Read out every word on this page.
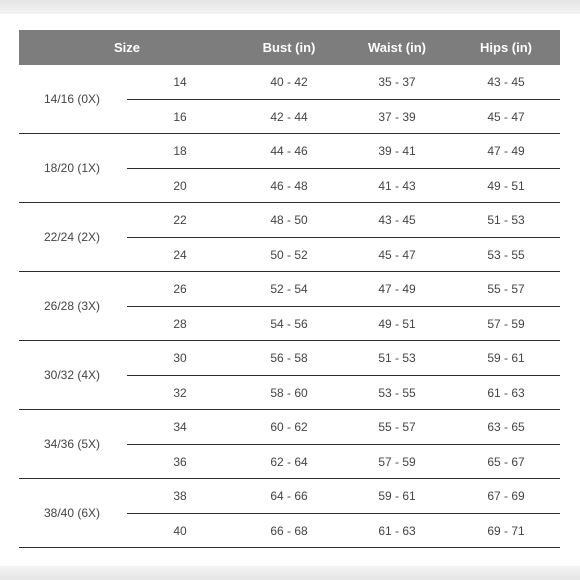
Size	Bust (in)	Waist (in)	Hips (in)
14/16 (0X)
14	40 - 42	35 - 37	43 - 45
16	42 - 44	37 - 39	45 - 47
18/20 (1X)
18	44 - 46	39 - 41	47 - 49
20	46 - 48	41 - 43	49 - 51
22/24 (2X)
22	48 - 50	43 - 45	51 - 53
24	50 - 52	45 - 47	53 - 55
26/28 (3X)
26	52 - 54	47 - 49	55 - 57
28	54 - 56	49 - 51	57 - 59
30/32 (4X)
30	56 - 58	51 - 53	59 - 61
32	58 - 60	53 - 55	61 - 63
34/36 (5X)
34	60 - 62	55 - 57	63 - 65
36	62 - 64	57 - 59	65 - 67
38/40 (6X)
38	64 - 66	59 - 61	67 - 69
40	66 - 68	61 - 63	69 - 71
